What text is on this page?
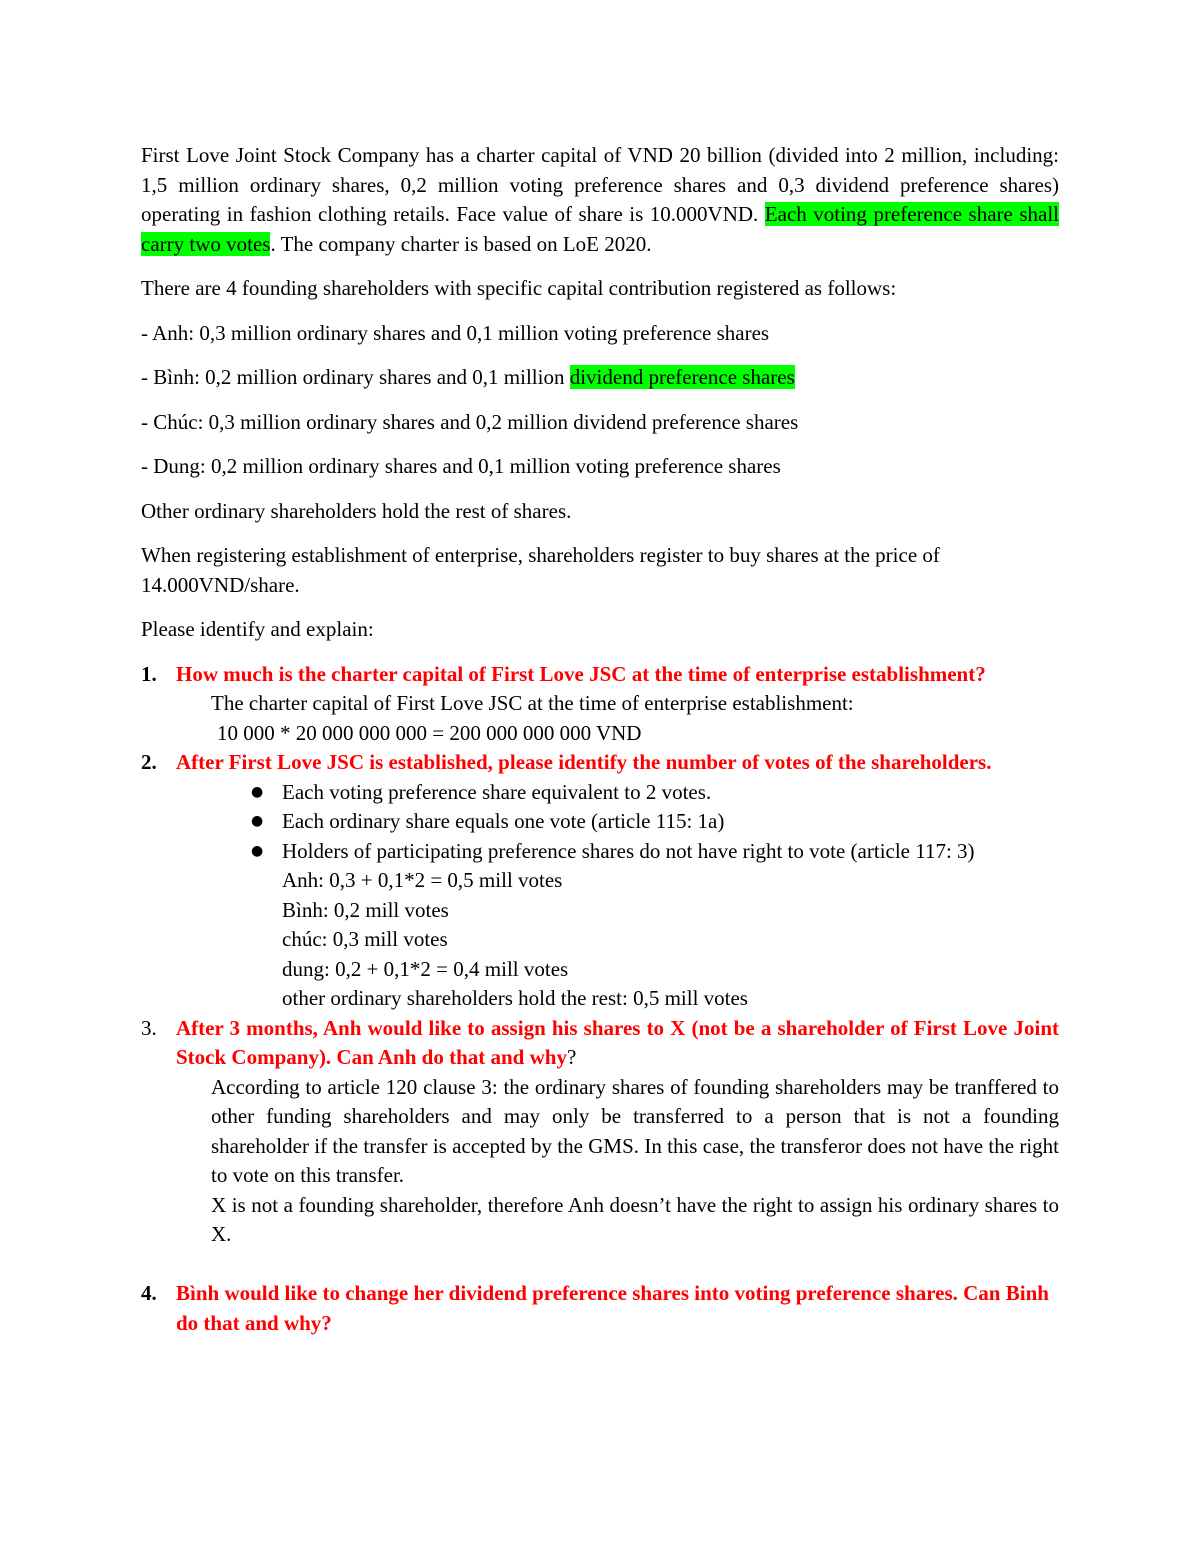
First Love Joint Stock Company has a charter capital of VND 20 billion (divided into 2 million, including: 1,5 million ordinary shares, 0,2 million voting preference shares and 0,3 dividend preference shares) operating in fashion clothing retails. Face value of share is 10.000VND. Each voting preference share shall carry two votes. The company charter is based on LoE 2020.

There are 4 founding shareholders with specific capital contribution registered as follows:

- Anh: 0,3 million ordinary shares and 0,1 million voting preference shares

- Bình: 0,2 million ordinary shares and 0,1 million dividend preference shares

- Chúc: 0,3 million ordinary shares and 0,2 million dividend preference shares

- Dung: 0,2 million ordinary shares and 0,1 million voting preference shares

Other ordinary shareholders hold the rest of shares.

When registering establishment of enterprise, shareholders register to buy shares at the price of 14.000VND/share.

Please identify and explain:

1. How much is the charter capital of First Love JSC at the time of enterprise establishment?
The charter capital of First Love JSC at the time of enterprise establishment:
10 000 * 20 000 000 000 = 200 000 000 000 VND
2. After First Love JSC is established, please identify the number of votes of the shareholders.
● Each voting preference share equivalent to 2 votes.
● Each ordinary share equals one vote (article 115: 1a)
● Holders of participating preference shares do not have right to vote (article 117: 3)
Anh: 0,3 + 0,1*2 = 0,5 mill votes
Bình: 0,2 mill votes
chúc: 0,3 mill votes
dung: 0,2 + 0,1*2 = 0,4 mill votes
other ordinary shareholders hold the rest: 0,5 mill votes
3. After 3 months, Anh would like to assign his shares to X (not be a shareholder of First Love Joint Stock Company). Can Anh do that and why?
According to article 120 clause 3: the ordinary shares of founding shareholders may be tranffered to other funding shareholders and may only be transferred to a person that is not a founding shareholder if the transfer is accepted by the GMS. In this case, the transferor does not have the right to vote on this transfer.
X is not a founding shareholder, therefore Anh doesn’t have the right to assign his ordinary shares to X.
4. Bình would like to change her dividend preference shares into voting preference shares. Can Binh do that and why?
